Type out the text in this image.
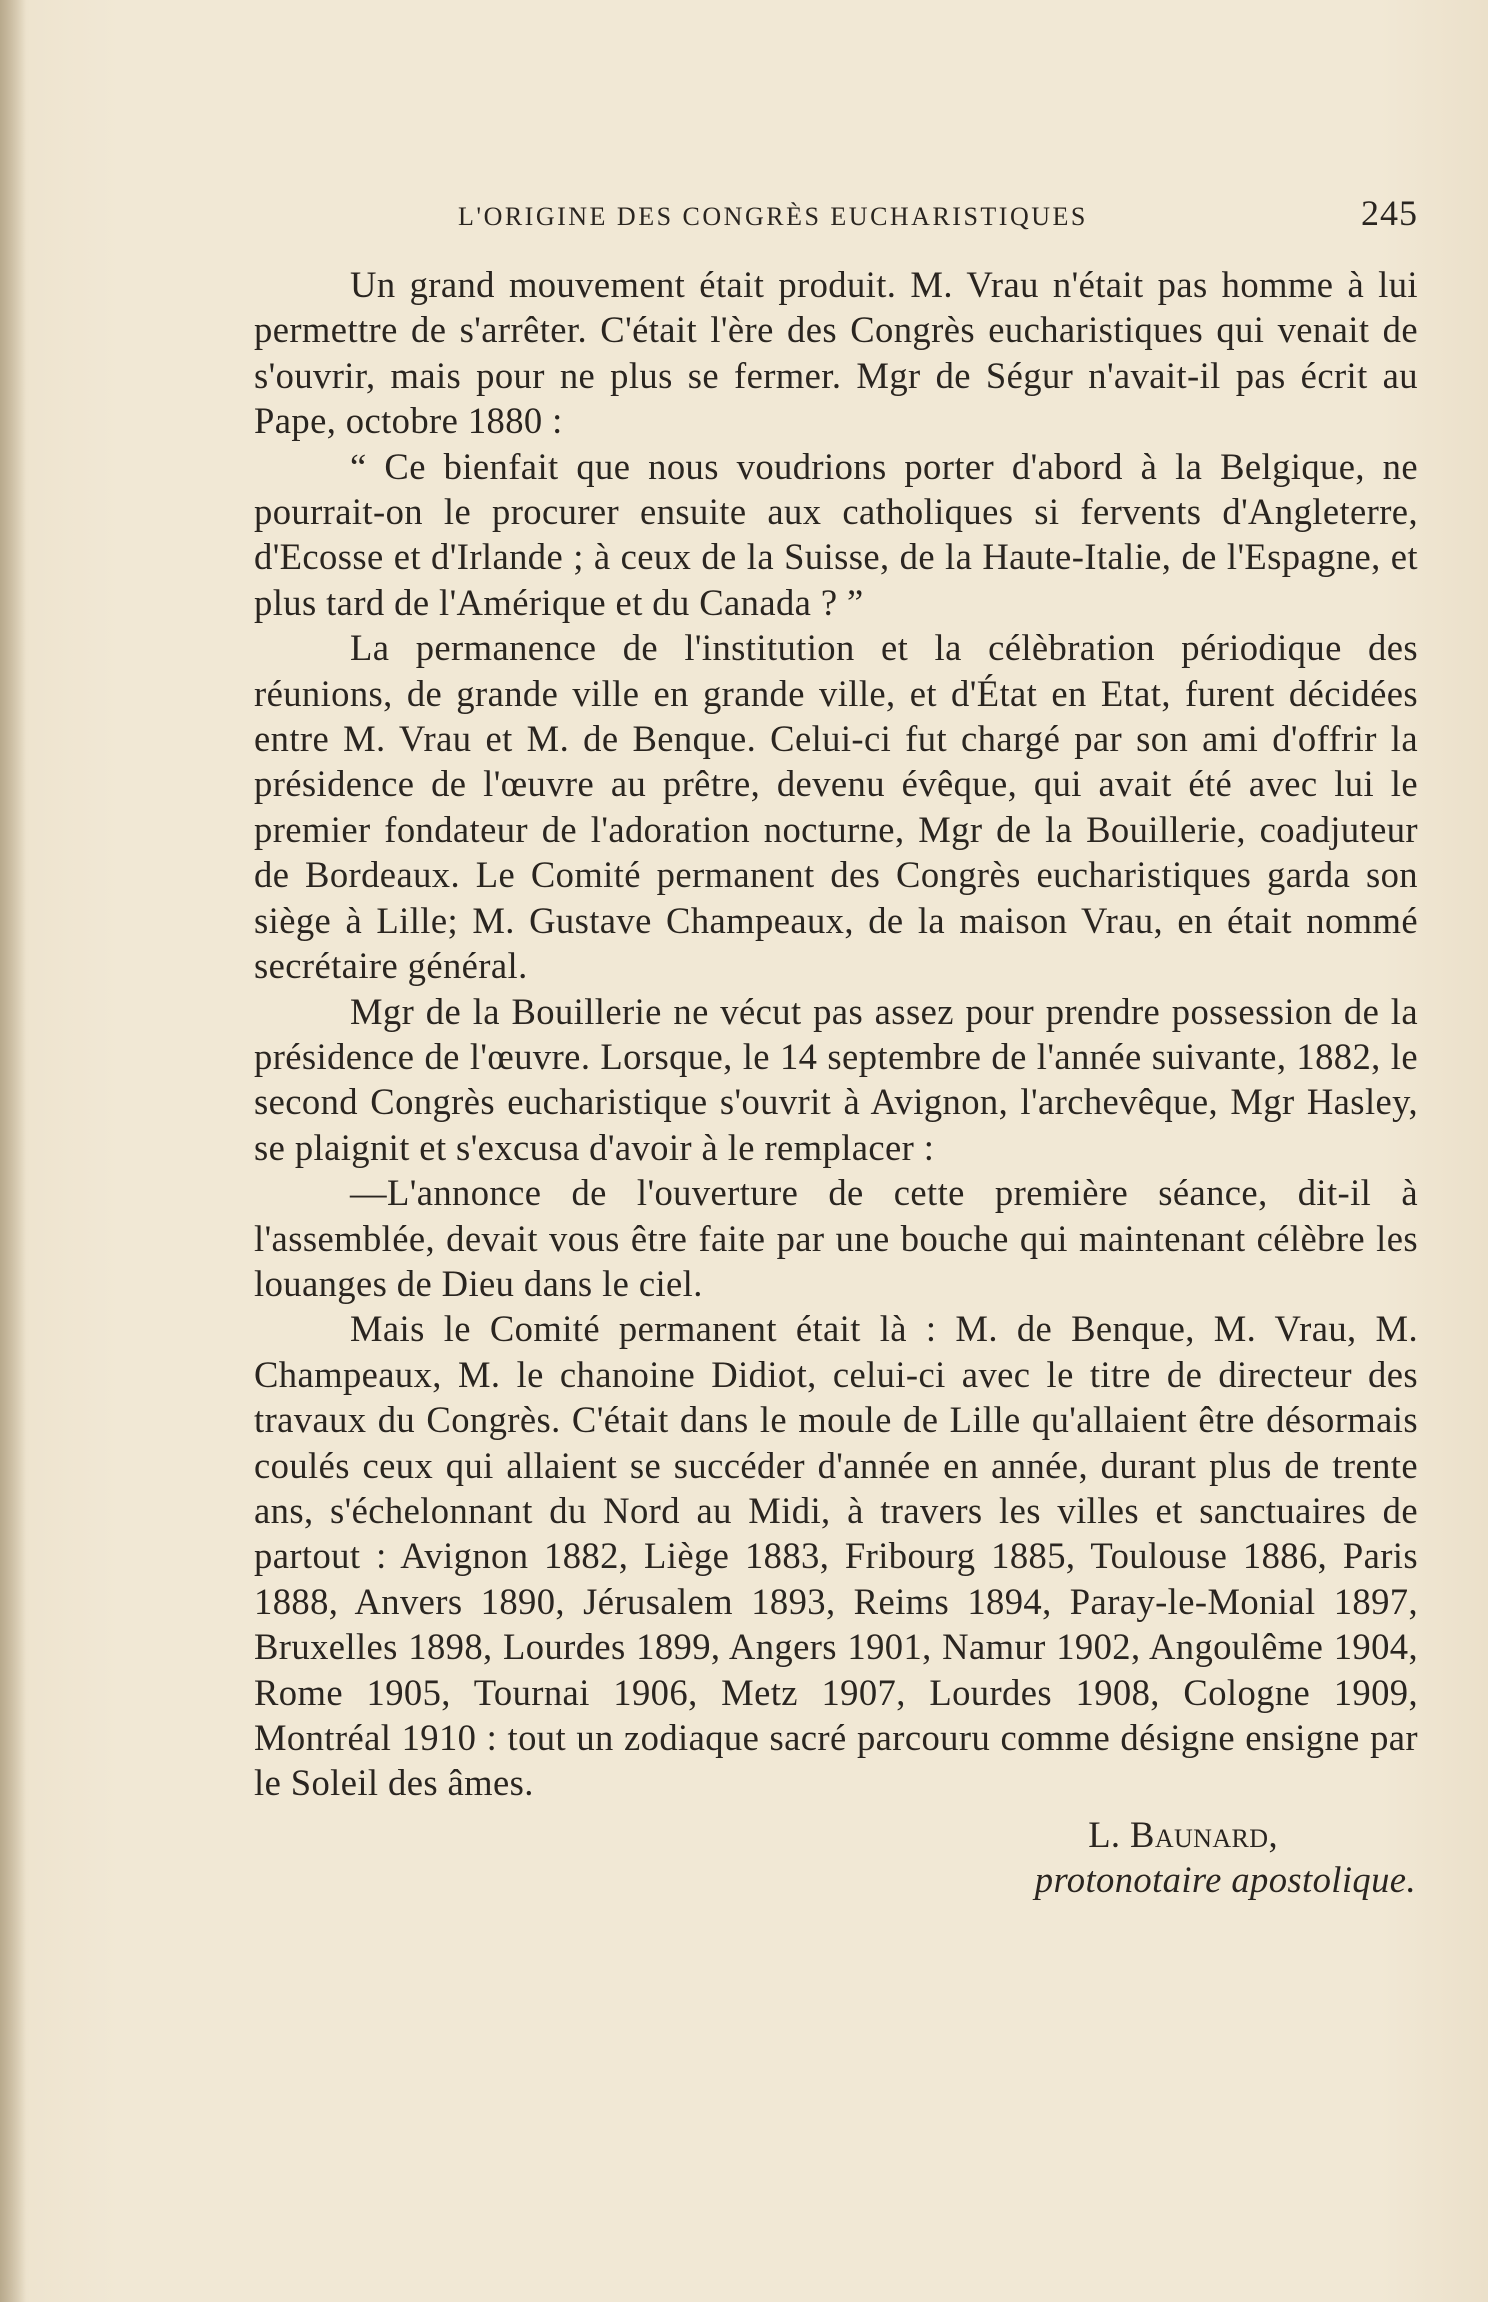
L'ORIGINE DES CONGRÈS EUCHARISTIQUES	245

Un grand mouvement était produit. M. Vrau n'était pas homme à lui permettre de s'arrêter. C'était l'ère des Congrès eucharistiques qui venait de s'ouvrir, mais pour ne plus se fermer. Mgr de Ségur n'avait-il pas écrit au Pape, octobre 1880 :

“ Ce bienfait que nous voudrions porter d'abord à la Belgique, ne pourrait-on le procurer ensuite aux catholiques si fervents d'Angleterre, d'Ecosse et d'Irlande ; à ceux de la Suisse, de la Haute-Italie, de l'Espagne, et plus tard de l'Amérique et du Canada ? ”

La permanence de l'institution et la célèbration périodique des réunions, de grande ville en grande ville, et d'État en Etat, furent décidées entre M. Vrau et M. de Benque. Celui-ci fut chargé par son ami d'offrir la présidence de l'œuvre au prêtre, devenu évêque, qui avait été avec lui le premier fondateur de l'adoration nocturne, Mgr de la Bouillerie, coadjuteur de Bordeaux. Le Comité permanent des Congrès eucharistiques garda son siège à Lille; M. Gustave Champeaux, de la maison Vrau, en était nommé secrétaire général.

Mgr de la Bouillerie ne vécut pas assez pour prendre possession de la présidence de l'œuvre. Lorsque, le 14 septembre de l'année suivante, 1882, le second Congrès eucharistique s'ouvrit à Avignon, l'archevêque, Mgr Hasley, se plaignit et s'excusa d'avoir à le remplacer :

—L'annonce de l'ouverture de cette première séance, dit-il à l'assemblée, devait vous être faite par une bouche qui maintenant célèbre les louanges de Dieu dans le ciel.

Mais le Comité permanent était là : M. de Benque, M. Vrau, M. Champeaux, M. le chanoine Didiot, celui-ci avec le titre de directeur des travaux du Congrès. C'était dans le moule de Lille qu'allaient être désormais coulés ceux qui allaient se succéder d'année en année, durant plus de trente ans, s'échelonnant du Nord au Midi, à travers les villes et sanctuaires de partout : Avignon 1882, Liège 1883, Fribourg 1885, Toulouse 1886, Paris 1888, Anvers 1890, Jérusalem 1893, Reims 1894, Paray-le-Monial 1897, Bruxelles 1898, Lourdes 1899, Angers 1901, Namur 1902, Angoulême 1904, Rome 1905, Tournai 1906, Metz 1907, Lourdes 1908, Cologne 1909, Montréal 1910 : tout un zodiaque sacré parcouru comme désigne ensigne par le Soleil des âmes.

L. Baunard,
protonotaire apostolique.
